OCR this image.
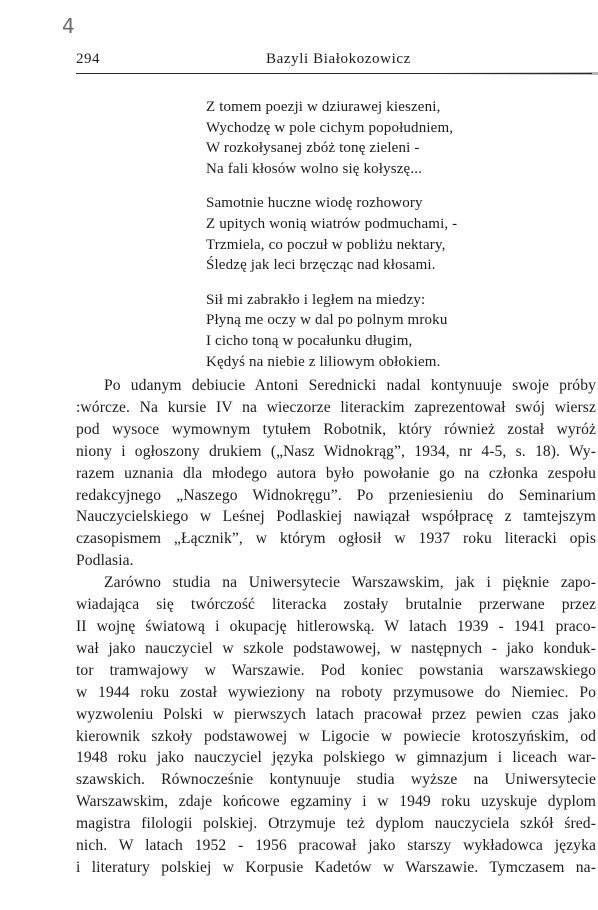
4
294	Bazyli Białokozowicz
Z tomem poezji w dziurawej kieszeni,
Wychodzę w pole cichym popołudniem,
W rozkołysanej zbóż tonę zieleni -
Na fali kłosów wolno się kołyszę...
Samotnie huczne wiodę rozhowory
Z upitych wonią wiatrów podmuchami, -
Trzmiela, co poczuł w pobliżu nektary,
Śledzę jak leci brzęcząc nad kłosami.
Sił mi zabrakło i ległem na miedzy:
Płyną me oczy w dal po polnym mroku
I cicho toną w pocałunku długim,
Kędyś na niebie z liliowym obłokiem.
Po udanym debiucie Antoni Serednicki nadal kontynuuje swoje próby
:wórcze. Na kursie IV na wieczorze literackim zaprezentował swój wiersz
pod wysoce wymownym tytułem Robotnik, który również został wyróż
niony i ogłoszony drukiem („Nasz Widnokrąg”, 1934, nr 4-5, s. 18). Wy-
razem uznania dla młodego autora było powołanie go na członka zespołu
redakcyjnego „Naszego Widnokręgu”. Po przeniesieniu do Seminarium
Nauczycielskiego w Leśnej Podlaskiej nawiązał współpracę z tamtejszym
czasopismem „Łącznik”, w którym ogłosił w 1937 roku literacki opis
Podlasia.
Zarówno studia na Uniwersytecie Warszawskim, jak i pięknie zapo-
wiadająca się twórczość literacka zostały brutalnie przerwane przez
II wojnę światową i okupację hitlerowską. W latach 1939 - 1941 praco-
wał jako nauczyciel w szkole podstawowej, w następnych - jako konduk-
tor tramwajowy w Warszawie. Pod koniec powstania warszawskiego
w 1944 roku został wywieziony na roboty przymusowe do Niemiec. Po
wyzwoleniu Polski w pierwszych latach pracował przez pewien czas jako
kierownik szkoły podstawowej w Ligocie w powiecie krotoszyńskim, od
1948 roku jako nauczyciel języka polskiego w gimnazjum i liceach war-
szawskich. Równocześnie kontynuuje studia wyższe na Uniwersytecie
Warszawskim, zdaje końcowe egzaminy i w 1949 roku uzyskuje dyplom
magistra filologii polskiej. Otrzymuje też dyplom nauczyciela szkół śred-
nich. W latach 1952 - 1956 pracował jako starszy wykładowca języka
i literatury polskiej w Korpusie Kadetów w Warszawie. Tymczasem na-
